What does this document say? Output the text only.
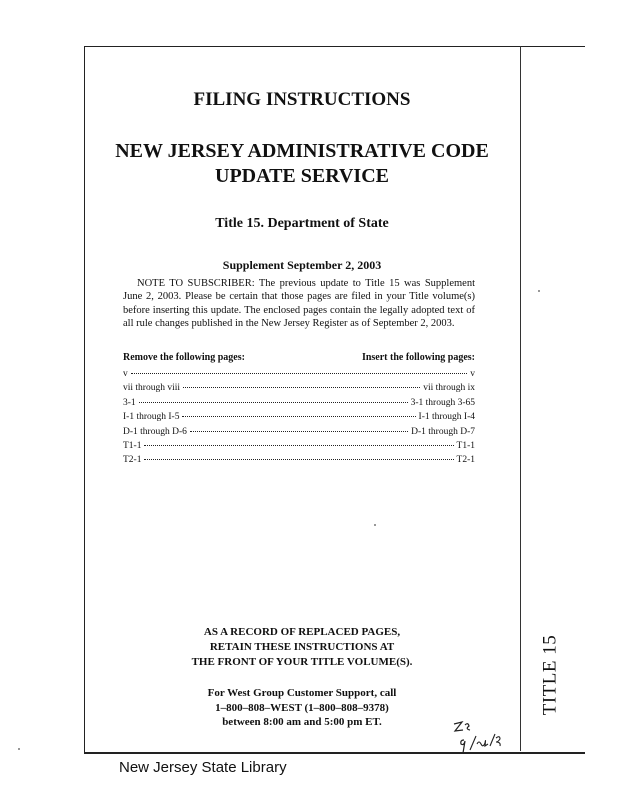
TITLE 15
FILING INSTRUCTIONS
NEW JERSEY ADMINISTRATIVE CODE
UPDATE SERVICE
Title 15. Department of State
Supplement September 2, 2003
NOTE TO SUBSCRIBER: The previous update to Title 15 was Supplement June 2, 2003. Please be certain that those pages are filed in your Title volume(s) before inserting this update. The enclosed pages contain the legally adopted text of all rule changes published in the New Jersey Register as of September 2, 2003.
Remove the following pages:	Insert the following pages:
v	v
vii through viii	vii through ix
3-1	3-1 through 3-65
I-1 through I-5	I-1 through I-4
D-1 through D-6	D-1 through D-7
T1-1	T1-1
T2-1	T2-1
AS A RECORD OF REPLACED PAGES,
RETAIN THESE INSTRUCTIONS AT
THE FRONT OF YOUR TITLE VOLUME(S).
For West Group Customer Support, call
1–800–808–WEST (1–800–808–9378)
between 8:00 am and 5:00 pm ET.
New Jersey State Library
